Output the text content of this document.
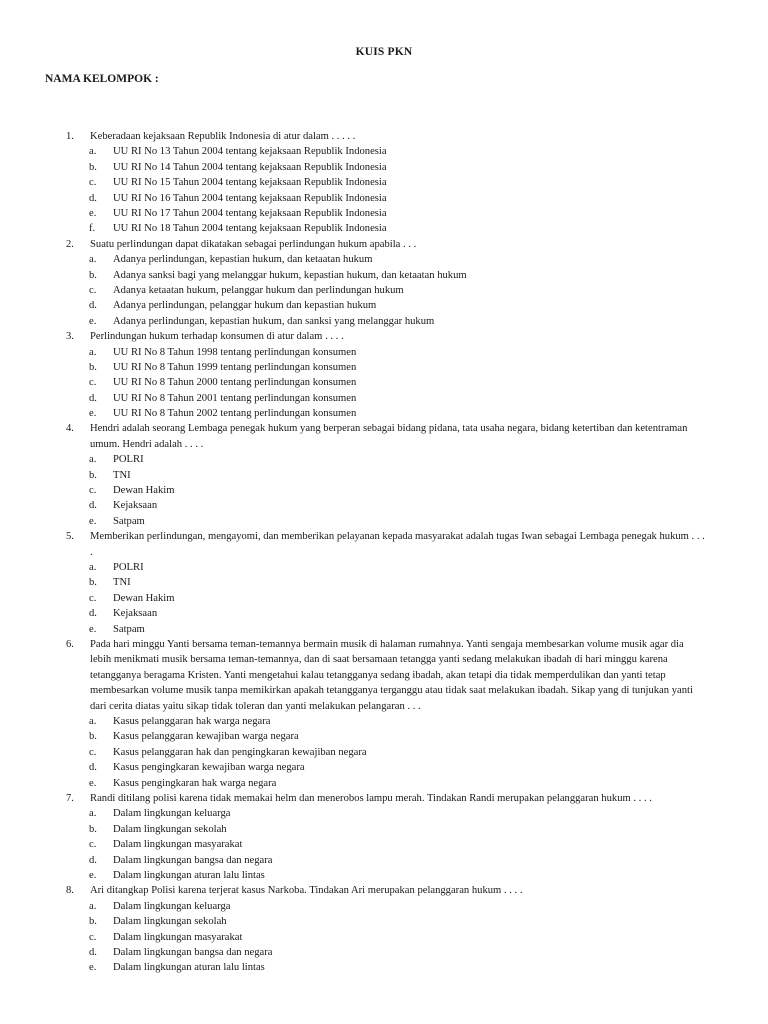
KUIS PKN
NAMA KELOMPOK :
1. Keberadaan kejaksaan Republik Indonesia di atur dalam . . . . .
a. UU RI No 13 Tahun 2004 tentang kejaksaan Republik Indonesia
b. UU RI No 14 Tahun 2004 tentang kejaksaan Republik Indonesia
c. UU RI No 15 Tahun 2004 tentang kejaksaan Republik Indonesia
d. UU RI No 16 Tahun 2004 tentang kejaksaan Republik Indonesia
e. UU RI No 17 Tahun 2004 tentang kejaksaan Republik Indonesia
f. UU RI No 18 Tahun 2004 tentang kejaksaan Republik Indonesia
2. Suatu perlindungan dapat dikatakan sebagai perlindungan hukum apabila . . .
a. Adanya perlindungan, kepastian hukum, dan ketaatan hukum
b. Adanya sanksi bagi yang melanggar hukum, kepastian hukum, dan ketaatan hukum
c. Adanya ketaatan hukum, pelanggar hukum dan perlindungan hukum
d. Adanya perlindungan, pelanggar hukum dan kepastian hukum
e. Adanya perlindungan, kepastian hukum, dan sanksi yang melanggar hukum
3. Perlindungan hukum terhadap konsumen di atur dalam . . . .
a. UU RI No 8 Tahun 1998 tentang perlindungan konsumen
b. UU RI No 8 Tahun 1999 tentang perlindungan konsumen
c. UU RI No 8 Tahun 2000 tentang perlindungan konsumen
d. UU RI No 8 Tahun 2001 tentang perlindungan konsumen
e. UU RI No 8 Tahun 2002 tentang perlindungan konsumen
4. Hendri adalah seorang Lembaga penegak hukum yang berperan sebagai bidang pidana, tata usaha negara, bidang ketertiban dan ketentraman umum. Hendri adalah . . . .
a. POLRI
b. TNI
c. Dewan Hakim
d. Kejaksaan
e. Satpam
5. Memberikan perlindungan, mengayomi, dan memberikan pelayanan kepada masyarakat adalah tugas Iwan sebagai Lembaga penegak hukum . . . .
a. POLRI
b. TNI
c. Dewan Hakim
d. Kejaksaan
e. Satpam
6. Pada hari minggu Yanti bersama teman-temannya bermain musik di halaman rumahnya. Yanti sengaja membesarkan volume musik agar dia lebih menikmati musik bersama teman-temannya, dan di saat bersamaan tetangga yanti sedang melakukan ibadah di hari minggu karena tetangganya beragama Kristen. Yanti mengetahui kalau tetangganya sedang ibadah, akan tetapi dia tidak memperdulikan dan yanti tetap membesarkan volume musik tanpa memikirkan apakah tetangganya terganggu atau tidak saat melakukan ibadah. Sikap yang di tunjukan yanti dari cerita diatas yaitu sikap tidak toleran dan yanti melakukan pelangaran . . .
a. Kasus pelanggaran hak warga negara
b. Kasus pelanggaran kewajiban warga negara
c. Kasus pelanggaran hak dan pengingkaran kewajiban negara
d. Kasus pengingkaran kewajiban warga negara
e. Kasus pengingkaran hak warga negara
7. Randi ditilang polisi karena tidak memakai helm dan menerobos lampu merah. Tindakan Randi merupakan pelanggaran hukum . . . .
a. Dalam lingkungan keluarga
b. Dalam lingkungan sekolah
c. Dalam lingkungan masyarakat
d. Dalam lingkungan bangsa dan negara
e. Dalam lingkungan aturan lalu lintas
8. Ari ditangkap Polisi karena terjerat kasus Narkoba. Tindakan Ari merupakan pelanggaran hukum . . . .
a. Dalam lingkungan keluarga
b. Dalam lingkungan sekolah
c. Dalam lingkungan masyarakat
d. Dalam lingkungan bangsa dan negara
e. Dalam lingkungan aturan lalu lintas
